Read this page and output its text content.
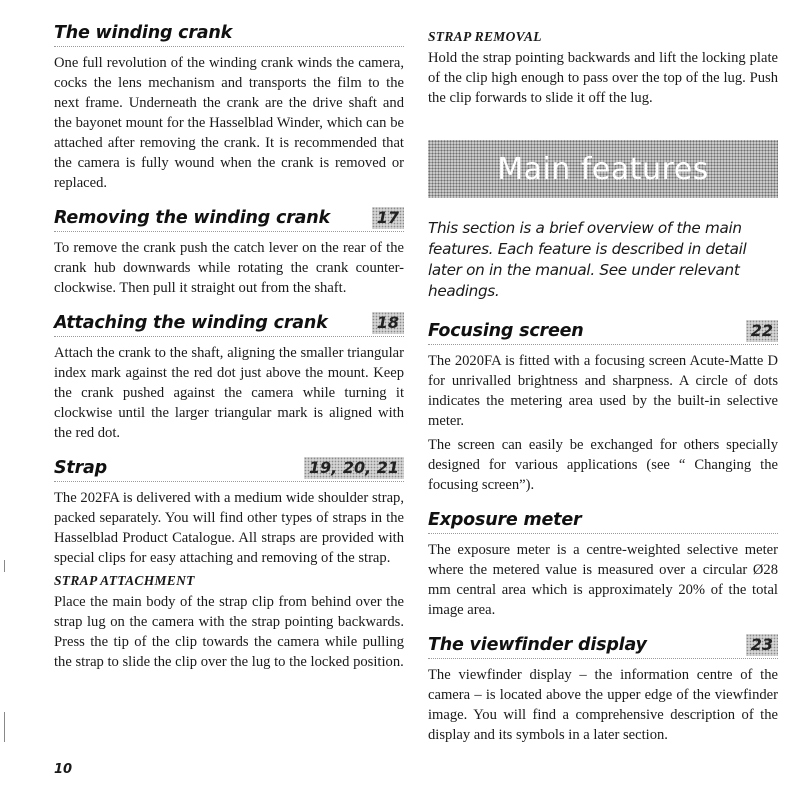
The winding crank

One full revolution of the winding crank winds the camera, cocks the lens mechanism and transports the film to the next frame. Underneath the crank are the drive shaft and the bayonet mount for the Hasselblad Winder, which can be attached after removing the crank. It is recommended that the camera is fully wound when the crank is removed or replaced.

Removing the winding crank	17

To remove the crank push the catch lever on the rear of the crank hub downwards while rotating the crank counter-clockwise. Then pull it straight out from the shaft.

Attaching the winding crank	18

Attach the crank to the shaft, aligning the smaller triangular index mark against the red dot just above the mount. Keep the crank pushed against the camera while turning it clockwise until the larger triangular mark is aligned with the red dot.

Strap	19, 20, 21

The 202FA is delivered with a medium wide shoulder strap, packed separately. You will find other types of straps in the Hasselblad Product Catalogue. All straps are provided with special clips for easy attaching and removing of the strap.

STRAP ATTACHMENT

Place the main body of the strap clip from behind over the strap lug on the camera with the strap pointing backwards. Press the tip of the clip towards the camera while pulling the strap to slide the clip over the lug to the locked position.

STRAP REMOVAL

Hold the strap pointing backwards and lift the locking plate of the clip high enough to pass over the top of the lug. Push the clip forwards to slide it off the lug.

Main features

This section is a brief overview of the main features. Each feature is described in detail later on in the manual. See under relevant headings.

Focusing screen	22

The 2020FA is fitted with a focusing screen Acute-Matte D for unrivalled brightness and sharpness. A circle of dots indicates the metering area used by the built-in selective meter.

The screen can easily be exchanged for others specially designed for various applications (see “ Changing the focusing screen”).

Exposure meter

The exposure meter is a centre-weighted selective meter where the metered value is measured over a circular Ø28 mm central area which is approximately 20% of the total image area.

The viewfinder display	23

The viewfinder display – the information centre of the camera – is located above the upper edge of the viewfinder image. You will find a comprehensive description of the display and its symbols in a later section.

10
